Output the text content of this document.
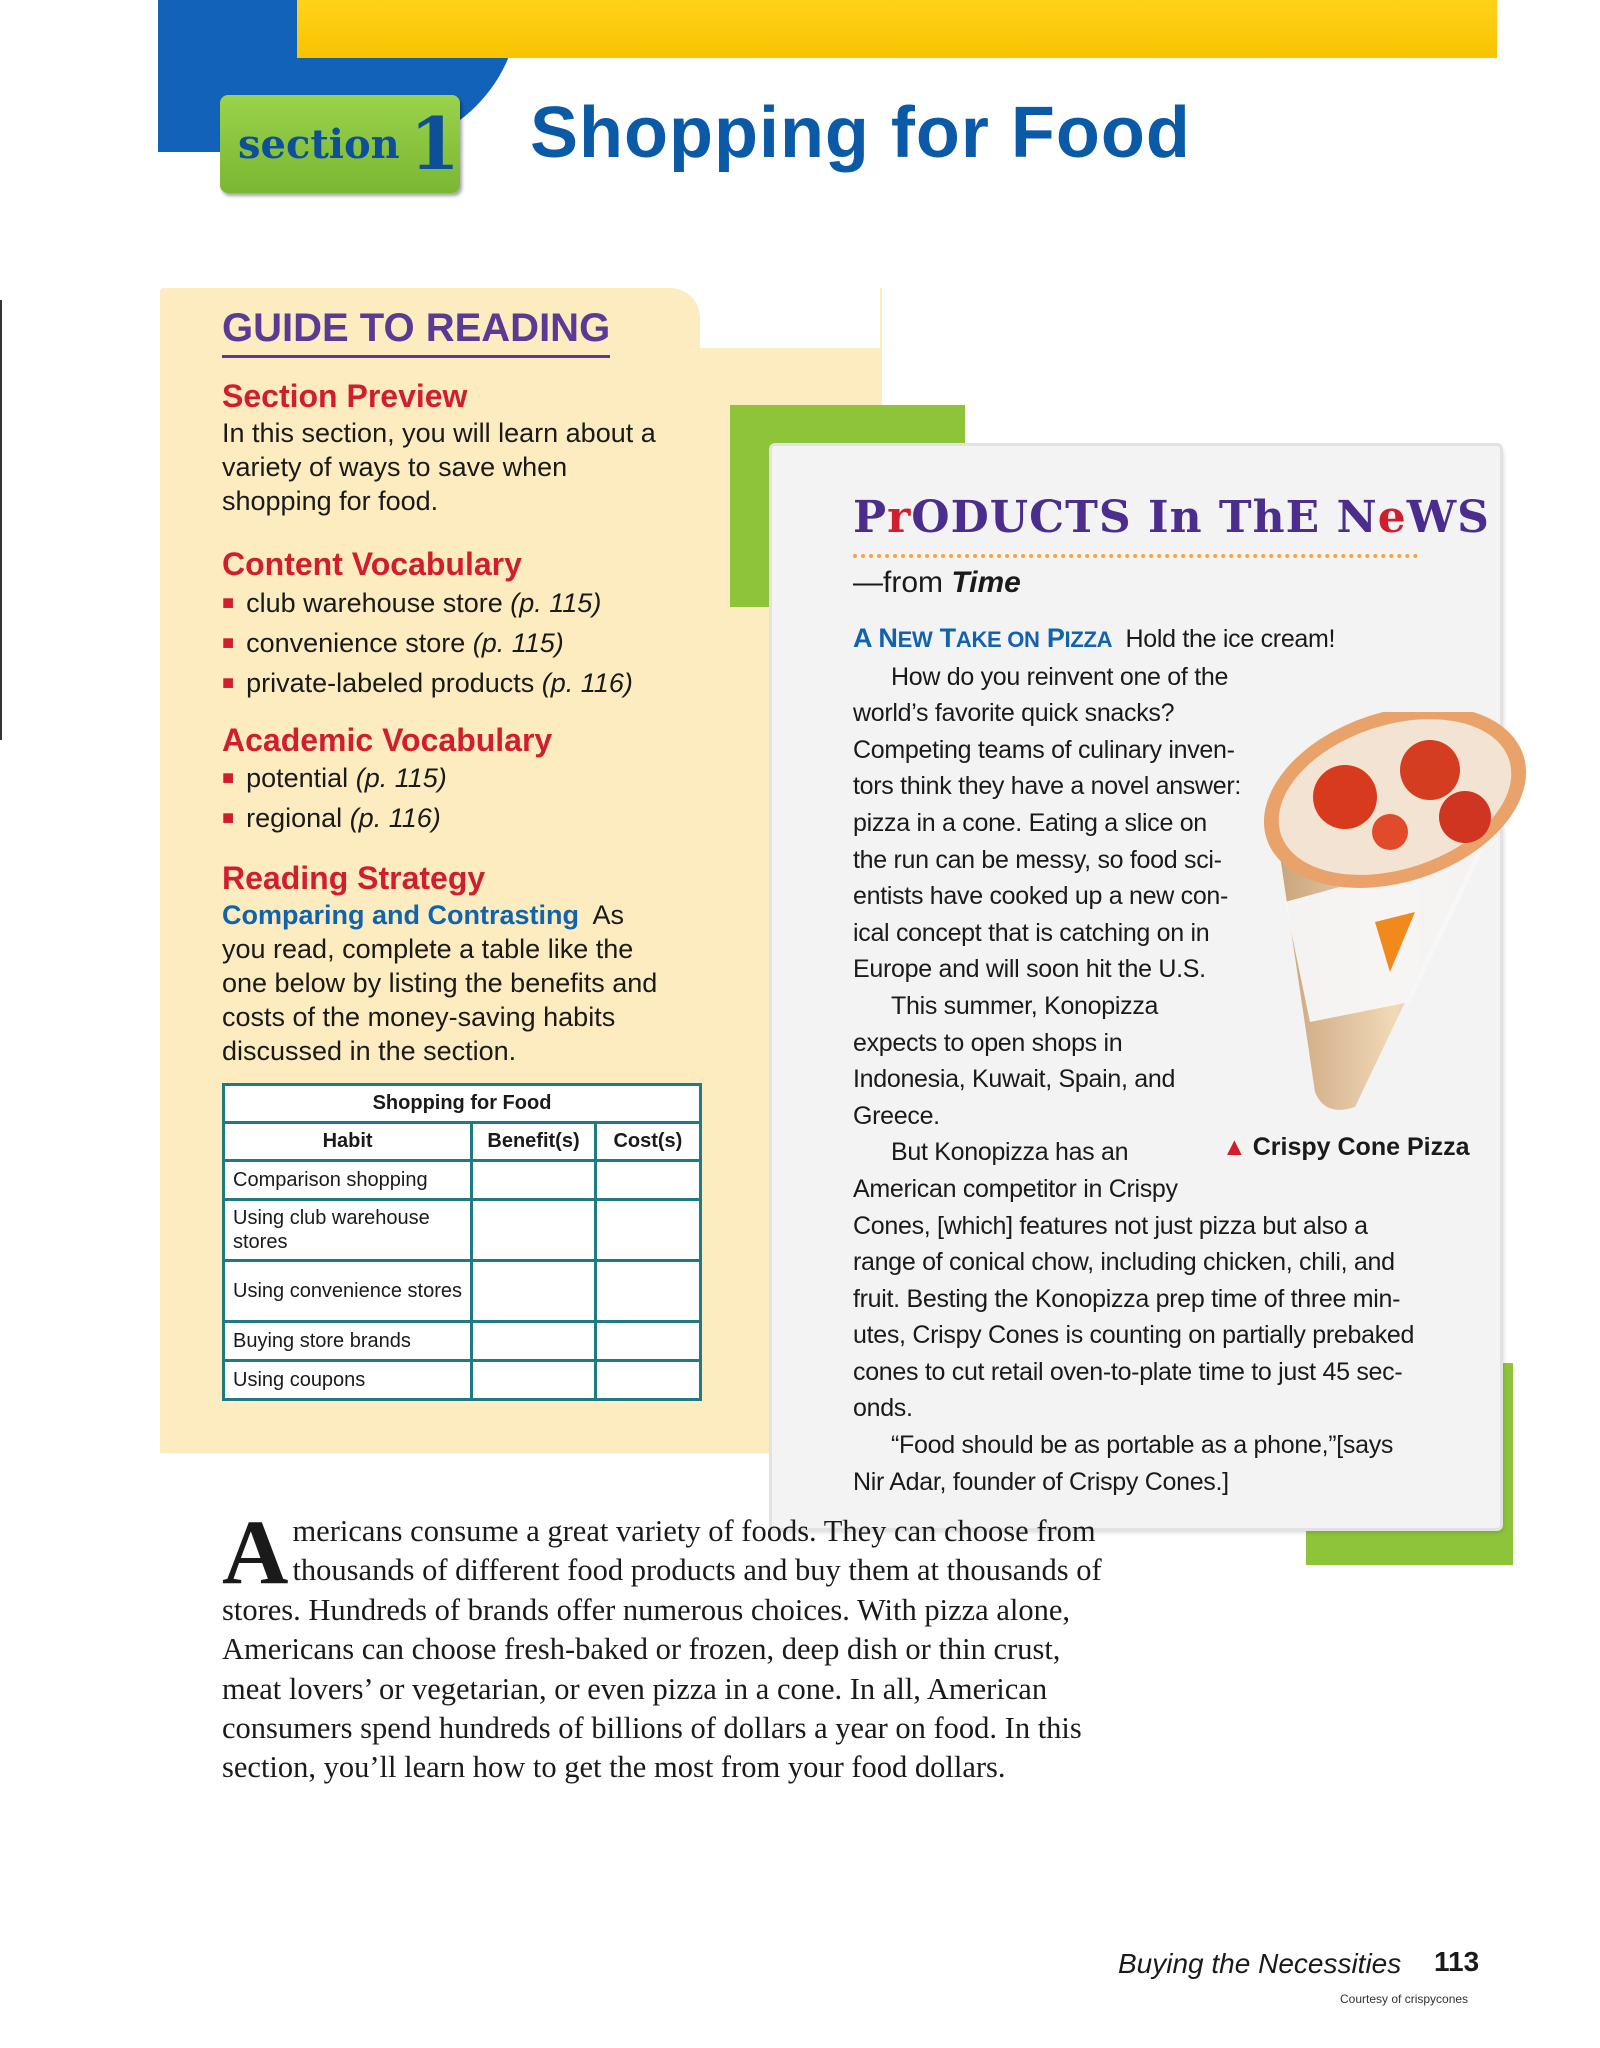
section 1 Shopping for Food
GUIDE TO READING
Section Preview
In this section, you will learn about a variety of ways to save when shopping for food.
Content Vocabulary
■ club warehouse store (p. 115)
■ convenience store (p. 115)
■ private-labeled products (p. 116)
Academic Vocabulary
■ potential (p. 115)
■ regional (p. 116)
Reading Strategy
Comparing and Contrasting As you read, complete a table like the one below by listing the benefits and costs of the money-saving habits discussed in the section.
Shopping for Food		
Habit	Benefit(s)	Cost(s)
Comparison shopping		
Using club warehouse stores		
Using convenience stores		
Buying store brands		
Using coupons		
PrODUCTS In ThE NeWS
—from Time
A NEW TAKE ON PIZZA Hold the ice cream!
How do you reinvent one of the
world’s favorite quick snacks?
Competing teams of culinary inven-
tors think they have a novel answer:
pizza in a cone. Eating a slice on
the run can be messy, so food sci-
entists have cooked up a new con-
ical concept that is catching on in
Europe and will soon hit the U.S.
This summer, Konopizza
expects to open shops in
Indonesia, Kuwait, Spain, and
Greece.
But Konopizza has an
American competitor in Crispy
Cones, [which] features not just pizza but also a
range of conical chow, including chicken, chili, and
fruit. Besting the Konopizza prep time of three min-
utes, Crispy Cones is counting on partially prebaked
cones to cut retail oven-to-plate time to just 45 sec-
onds.
“Food should be as portable as a phone,”[says
Nir Adar, founder of Crispy Cones.]
▲ Crispy Cone Pizza
Americans consume a great variety of foods. They can choose from thousands of different food products and buy them at thousands of stores. Hundreds of brands offer numerous choices. With pizza alone, Americans can choose fresh-baked or frozen, deep dish or thin crust, meat lovers’ or vegetarian, or even pizza in a cone. In all, American consumers spend hundreds of billions of dollars a year on food. In this section, you’ll learn how to get the most from your food dollars.
Buying the Necessities 113
Courtesy of crispycones
